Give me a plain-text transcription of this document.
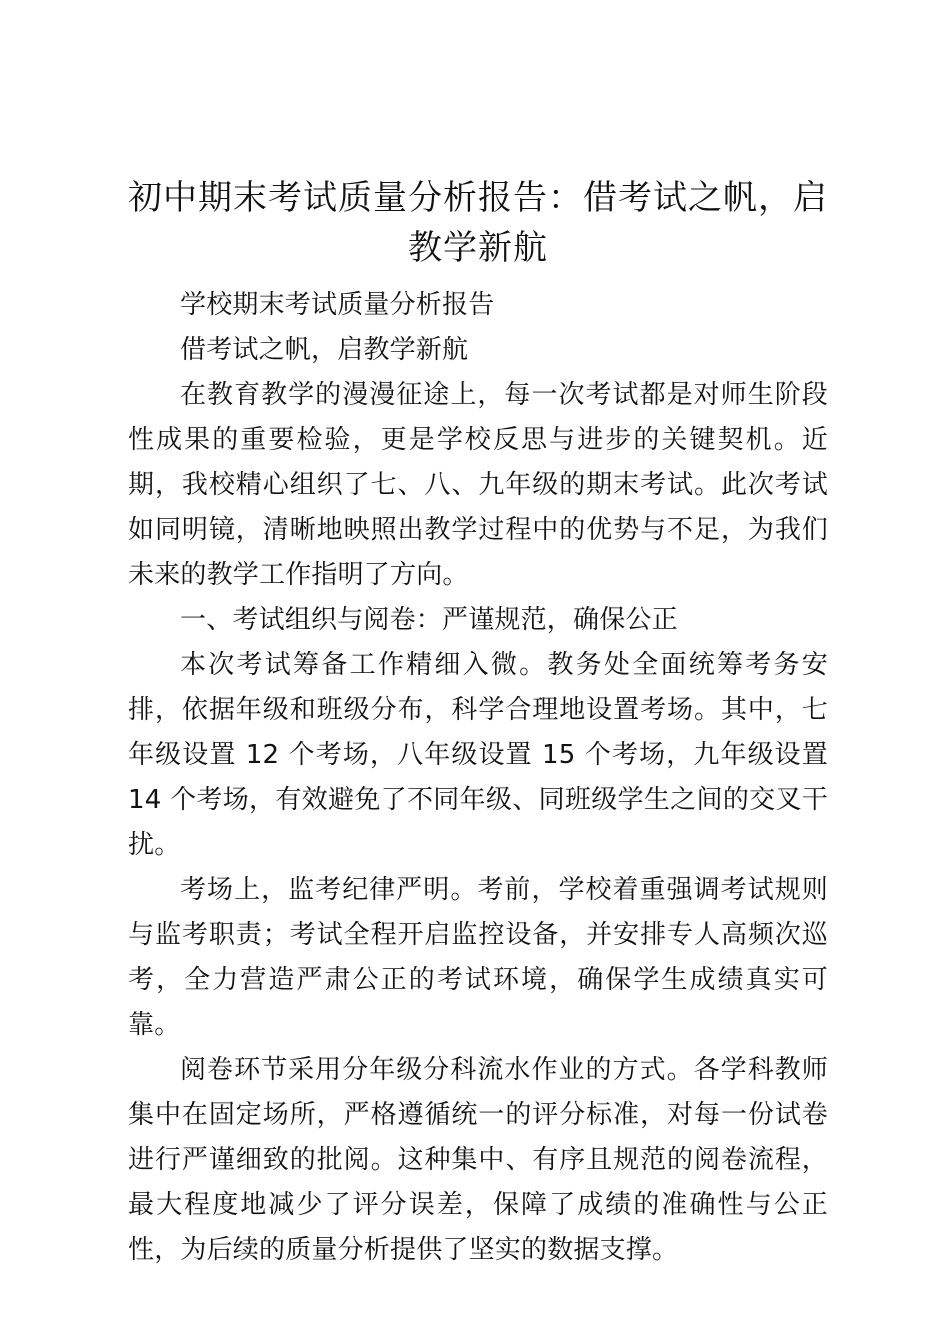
初中期末考试质量分析报告：借考试之帆，启教学新航

学校期末考试质量分析报告

借考试之帆，启教学新航

在教育教学的漫漫征途上，每一次考试都是对师生阶段性成果的重要检验，更是学校反思与进步的关键契机。近期，我校精心组织了七、八、九年级的期末考试。此次考试如同明镜，清晰地映照出教学过程中的优势与不足，为我们未来的教学工作指明了方向。

一、考试组织与阅卷：严谨规范，确保公正

本次考试筹备工作精细入微。教务处全面统筹考务安排，依据年级和班级分布，科学合理地设置考场。其中，七年级设置 12 个考场，八年级设置 15 个考场，九年级设置 14 个考场，有效避免了不同年级、同班级学生之间的交叉干扰。

考场上，监考纪律严明。考前，学校着重强调考试规则与监考职责；考试全程开启监控设备，并安排专人高频次巡考，全力营造严肃公正的考试环境，确保学生成绩真实可靠。

阅卷环节采用分年级分科流水作业的方式。各学科教师集中在固定场所，严格遵循统一的评分标准，对每一份试卷进行严谨细致的批阅。这种集中、有序且规范的阅卷流程，最大程度地减少了评分误差，保障了成绩的准确性与公正性，为后续的质量分析提供了坚实的数据支撑。
